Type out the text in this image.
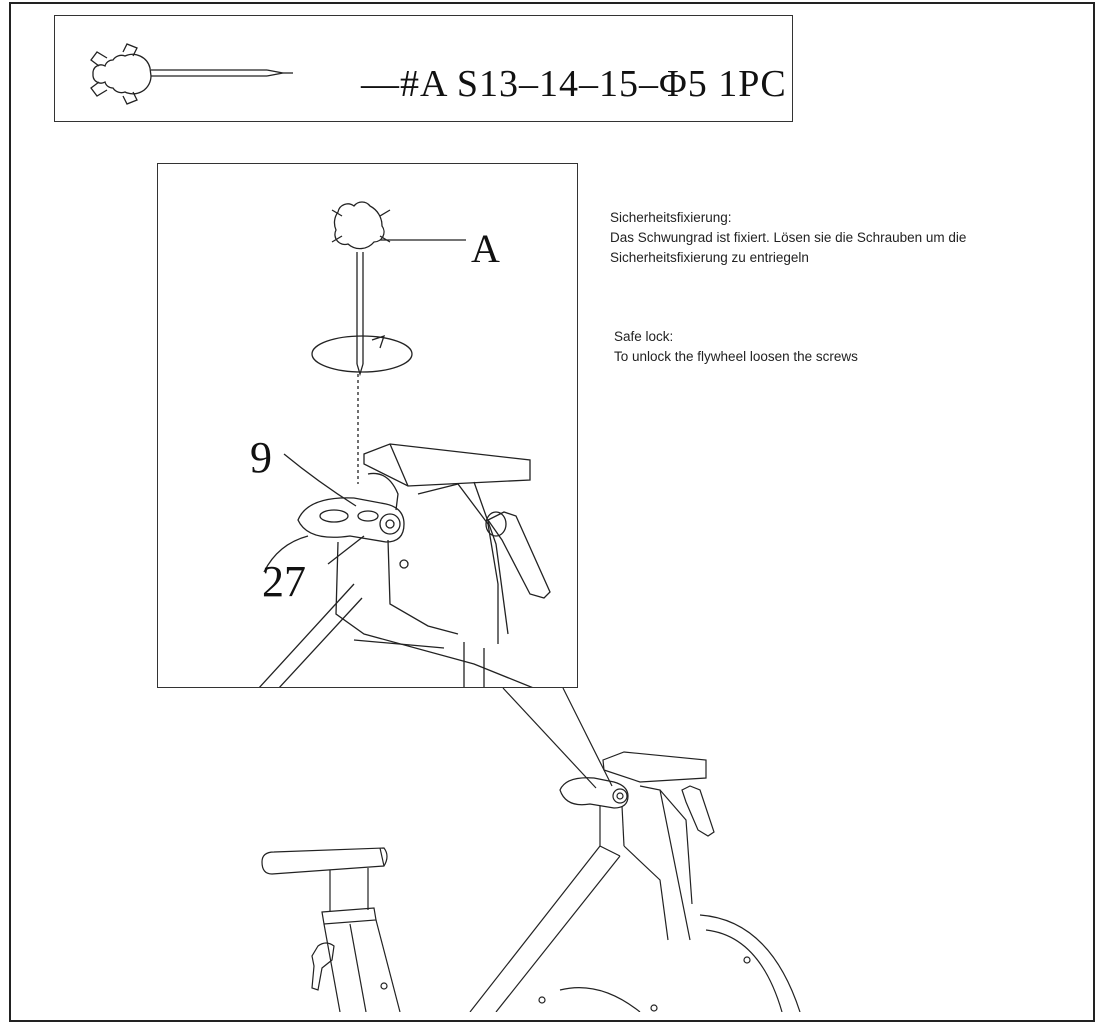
—#A S13–14–15–Φ5 1PC
A
9
27
Sicherheitsfixierung:
Das Schwungrad ist fixiert. Lösen sie die Schrauben um die
Sicherheitsfixierung zu entriegeln
Safe lock:
To unlock the flywheel loosen the screws
